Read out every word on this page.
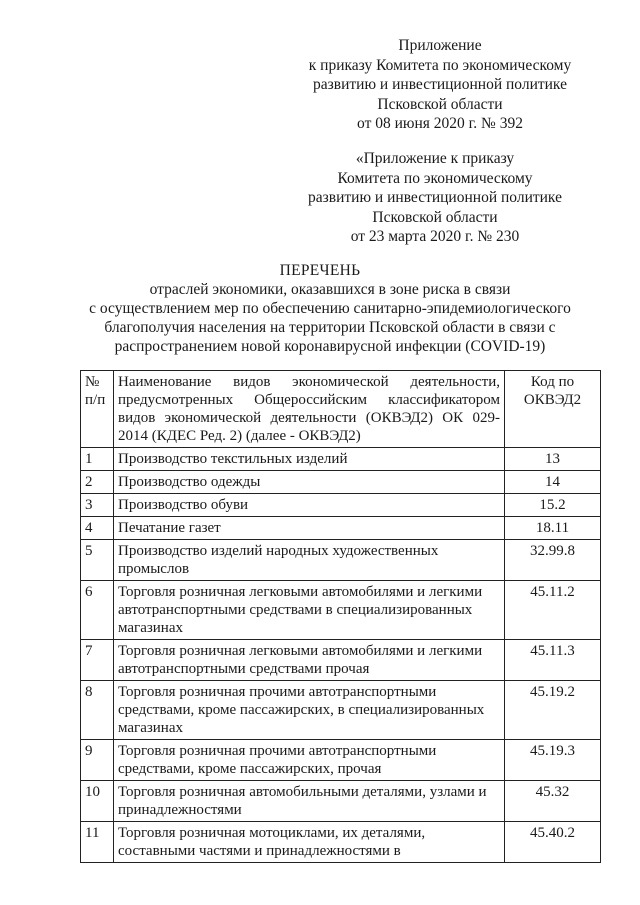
Приложение
к приказу Комитета по экономическому
развитию и инвестиционной политике
Псковской области
от 08 июня 2020 г. № 392
«Приложение к приказу
Комитета по экономическому
развитию и инвестиционной политике
Псковской области
от 23 марта 2020 г. № 230
ПЕРЕЧЕНЬ
отраслей экономики, оказавшихся в зоне риска в связи
с осуществлением мер по обеспечению санитарно-эпидемиологического
благополучия населения на территории Псковской области в связи с
распространением новой коронавирусной инфекции (COVID-19)
№ п/п	Наименование видов экономической деятельности, предусмотренных Общероссийским классификатором видов экономической деятельности (ОКВЭД2) ОК 029-2014 (КДЕС Ред. 2) (далее - ОКВЭД2)	Код по ОКВЭД2
1	Производство текстильных изделий	13
2	Производство одежды	14
3	Производство обуви	15.2
4	Печатание газет	18.11
5	Производство изделий народных художественных промыслов	32.99.8
6	Торговля розничная легковыми автомобилями и легкими автотранспортными средствами в специализированных магазинах	45.11.2
7	Торговля розничная легковыми автомобилями и легкими автотранспортными средствами прочая	45.11.3
8	Торговля розничная прочими автотранспортными средствами, кроме пассажирских, в специализированных магазинах	45.19.2
9	Торговля розничная прочими автотранспортными средствами, кроме пассажирских, прочая	45.19.3
10	Торговля розничная автомобильными деталями, узлами и принадлежностями	45.32
11	Торговля розничная мотоциклами, их деталями, составными частями и принадлежностями в	45.40.2
